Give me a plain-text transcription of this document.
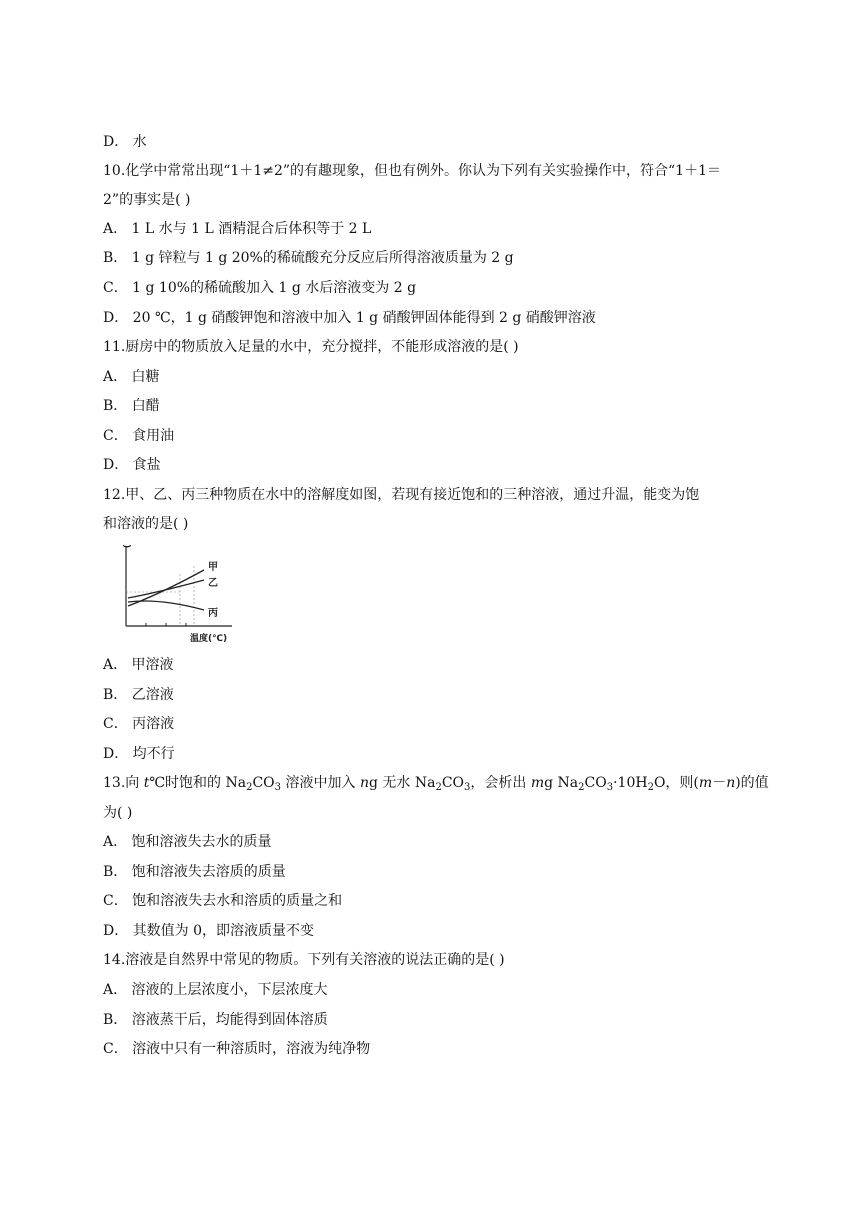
D． 水
10.化学中常常出现“1＋1≠2”的有趣现象，但也有例外。你认为下列有关实验操作中，符合“1＋1＝
2”的事实是( )
A． 1 L 水与 1 L 酒精混合后体积等于 2 L
B． 1 g 锌粒与 1 g 20%的稀硫酸充分反应后所得溶液质量为 2 g
C． 1 g 10%的稀硫酸加入 1 g 水后溶液变为 2 g
D． 20 ℃，1 g 硝酸钾饱和溶液中加入 1 g 硝酸钾固体能得到 2 g 硝酸钾溶液
11.厨房中的物质放入足量的水中，充分搅拌，不能形成溶液的是( )
A． 白糖
B． 白醋
C． 食用油
D． 食盐
12.甲、乙、丙三种物质在水中的溶解度如图，若现有接近饱和的三种溶液，通过升温，能变为饱
和溶液的是( )
温度(℃)
甲
乙
丙
A． 甲溶液
B． 乙溶液
C． 丙溶液
D． 均不行
13.向 t℃时饱和的 $Na_2CO_3$ 溶液中加入 ng 无水 $Na_2CO_3$，会析出 mg $Na_2CO_3\cdot 10H_2O$，则(m－n)的值
为( )
A． 饱和溶液失去水的质量
B． 饱和溶液失去溶质的质量
C． 饱和溶液失去水和溶质的质量之和
D． 其数值为 0，即溶液质量不变
14.溶液是自然界中常见的物质。下列有关溶液的说法正确的是( )
A． 溶液的上层浓度小，下层浓度大
B． 溶液蒸干后，均能得到固体溶质
C． 溶液中只有一种溶质时，溶液为纯净物
